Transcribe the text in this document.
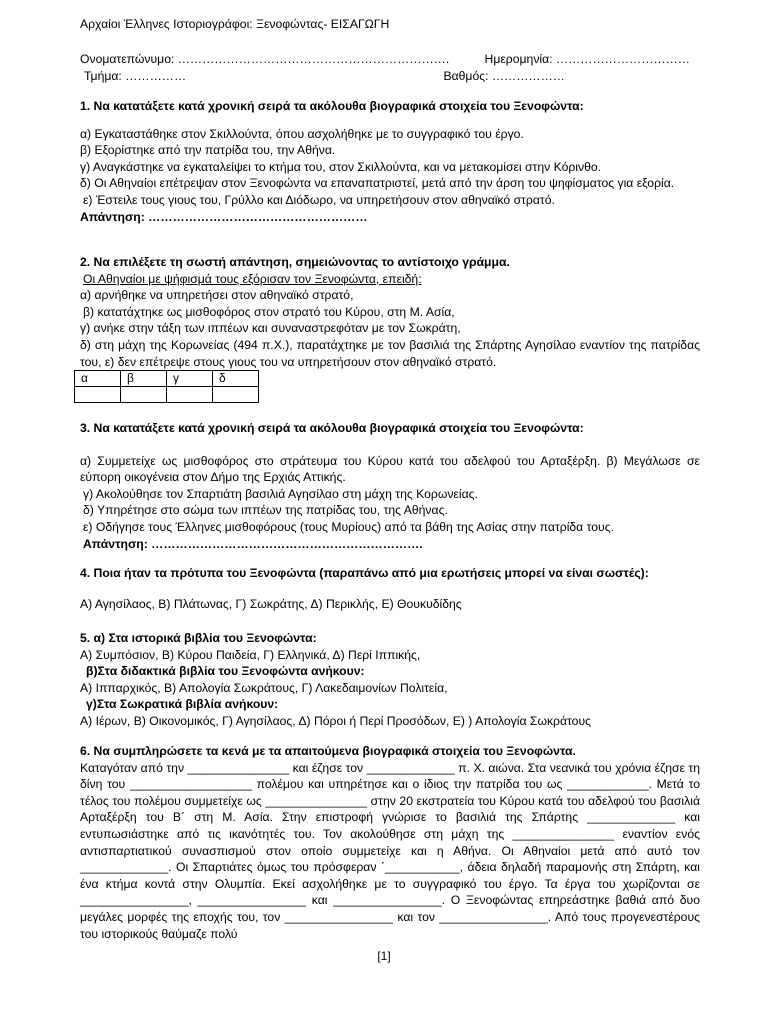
Αρχαίοι Έλληνες Ιστοριογράφοι: Ξενοφώντας- ΕΙΣΑΓΩΓΗ

Ονοματεπώνυμο: ………………………………………………………….	Ημερομηνία: ……………………………
Τμήμα: ……………	Βαθμός: ………………

1. Να κατατάξετε κατά χρονική σειρά τα ακόλουθα βιογραφικά στοιχεία του Ξενοφώντα:

α) Εγκαταστάθηκε στον Σκιλλούντα, όπου ασχολήθηκε με το συγγραφικό του έργο.

β) Εξορίστηκε από την πατρίδα του, την Αθήνα.

γ) Αναγκάστηκε να εγκαταλείψει το κτήμα του, στον Σκιλλούντα, και να μετακομίσει στην Κόρινθο.

δ) Οι Αθηναίοι επέτρεψαν στον Ξενοφώντα να επαναπατριστεί, μετά από την άρση του ψηφίσματος για εξορία.

ε) Έστειλε τους γιους του, Γρύλλο και Διόδωρο, να υπηρετήσουν στον αθηναϊκό στρατό.

Απάντηση: ………………………………………………

2. Να επιλέξετε τη σωστή απάντηση, σημειώνοντας το αντίστοιχο γράμμα.

Οι Αθηναίοι με ψήφισμά τους εξόρισαν τον Ξενοφώντα, επειδή:

α) αρνήθηκε να υπηρετήσει στον αθηναϊκό στρατό,

β) κατατάχτηκε ως μισθοφόρος στον στρατό του Κύρου, στη Μ. Ασία,

γ) ανήκε στην τάξη των ιππέων και συναναστρεφόταν με τον Σωκράτη,

δ) στη μάχη της Κορωνείας (494 π.Χ.), παρατάχτηκε με τον βασιλιά της Σπάρτης Αγησίλαο εναντίον της πατρίδας του, ε) δεν επέτρεψε στους γιους του να υπηρετήσουν στον αθηναϊκό στρατό.

α	β	γ	δ

3. Να κατατάξετε κατά χρονική σειρά τα ακόλουθα βιογραφικά στοιχεία του Ξενοφώντα:

α) Συμμετείχε ως μισθοφόρος στο στράτευμα του Κύρου κατά του αδελφού του Αρταξέρξη. β) Μεγάλωσε σε εύπορη οικογένεια στον Δήμο της Ερχιάς Αττικής.

γ) Ακολούθησε τον Σπαρτιάτη βασιλιά Αγησίλαο στη μάχη της Κορωνείας.

δ) Υπηρέτησε στο σώμα των ιππέων της πατρίδας του, της Αθήνας.

ε) Οδήγησε τους Έλληνες μισθοφόρους (τους Μυρίους) από τα βάθη της Ασίας στην πατρίδα τους.

Απάντηση: ………………………………………………………….

4. Ποια ήταν τα πρότυπα του Ξενοφώντα (παραπάνω από μια ερωτήσεις μπορεί να είναι σωστές):

Α) Αγησίλαος, Β) Πλάτωνας, Γ) Σωκράτης, Δ) Περικλής, Ε) Θουκυδίδης

5. α) Στα ιστορικά βιβλία του Ξενοφώντα:

Α) Συμπόσιον, Β) Κύρου Παιδεία, Γ) Ελληνικά, Δ) Περί Ιππικής,

β)Στα διδακτικά βιβλία του Ξενοφώντα ανήκουν:

Α) Ιππαρχικός, Β) Απολογία Σωκράτους, Γ) Λακεδαιμονίων Πολιτεία,

γ)Στα Σωκρατικά βιβλία ανήκουν:

Α) Ιέρων, Β) Οικονομικός, Γ) Αγησίλαος, Δ) Πόροι ή Περί Προσόδων, Ε) ) Απολογία Σωκράτους

6. Να συμπληρώσετε τα κενά με τα απαιτούμενα βιογραφικά στοιχεία του Ξενοφώντα.

Καταγόταν από την _______________ και έζησε τον _____________ π. Χ. αιώνα. Στα νεανικά του χρόνια έζησε τη δίνη του __________________ πολέμου και υπηρέτησε και ο ίδιος την πατρίδα του ως ____________. Μετά το τέλος του πολέμου συμμετείχε ως _______________ στην 20 εκστρατεία του Κύρου κατά του αδελφού του βασιλιά Αρταξέρξη του Β΄ στη Μ. Ασία. Στην επιστροφή γνώρισε το βασιλιά της Σπάρτης _____________ και εντυπωσιάστηκε από τις ικανότητές του. Τον ακολούθησε στη μάχη της _______________ εναντίον ενός αντισπαρτιατικού συνασπισμού στον οποίο συμμετείχε και η Αθήνα. Οι Αθηναίοι μετά από αυτό τον _____________. Οι Σπαρτιάτες όμως του πρόσφεραν ΄___________, άδεια δηλαδή παραμονής στη Σπάρτη, και ένα κτήμα κοντά στην Ολυμπία. Εκεί ασχολήθηκε με το συγγραφικό του έργο. Τα έργα του χωρίζονται σε ________________, ________________ και ________________. Ο Ξενοφώντας επηρεάστηκε βαθιά από δυο μεγάλες μορφές της εποχής του, τον ________________ και τον ________________. Από τους προγενεστέρους του ιστορικούς θαύμαζε πολύ

[1]
